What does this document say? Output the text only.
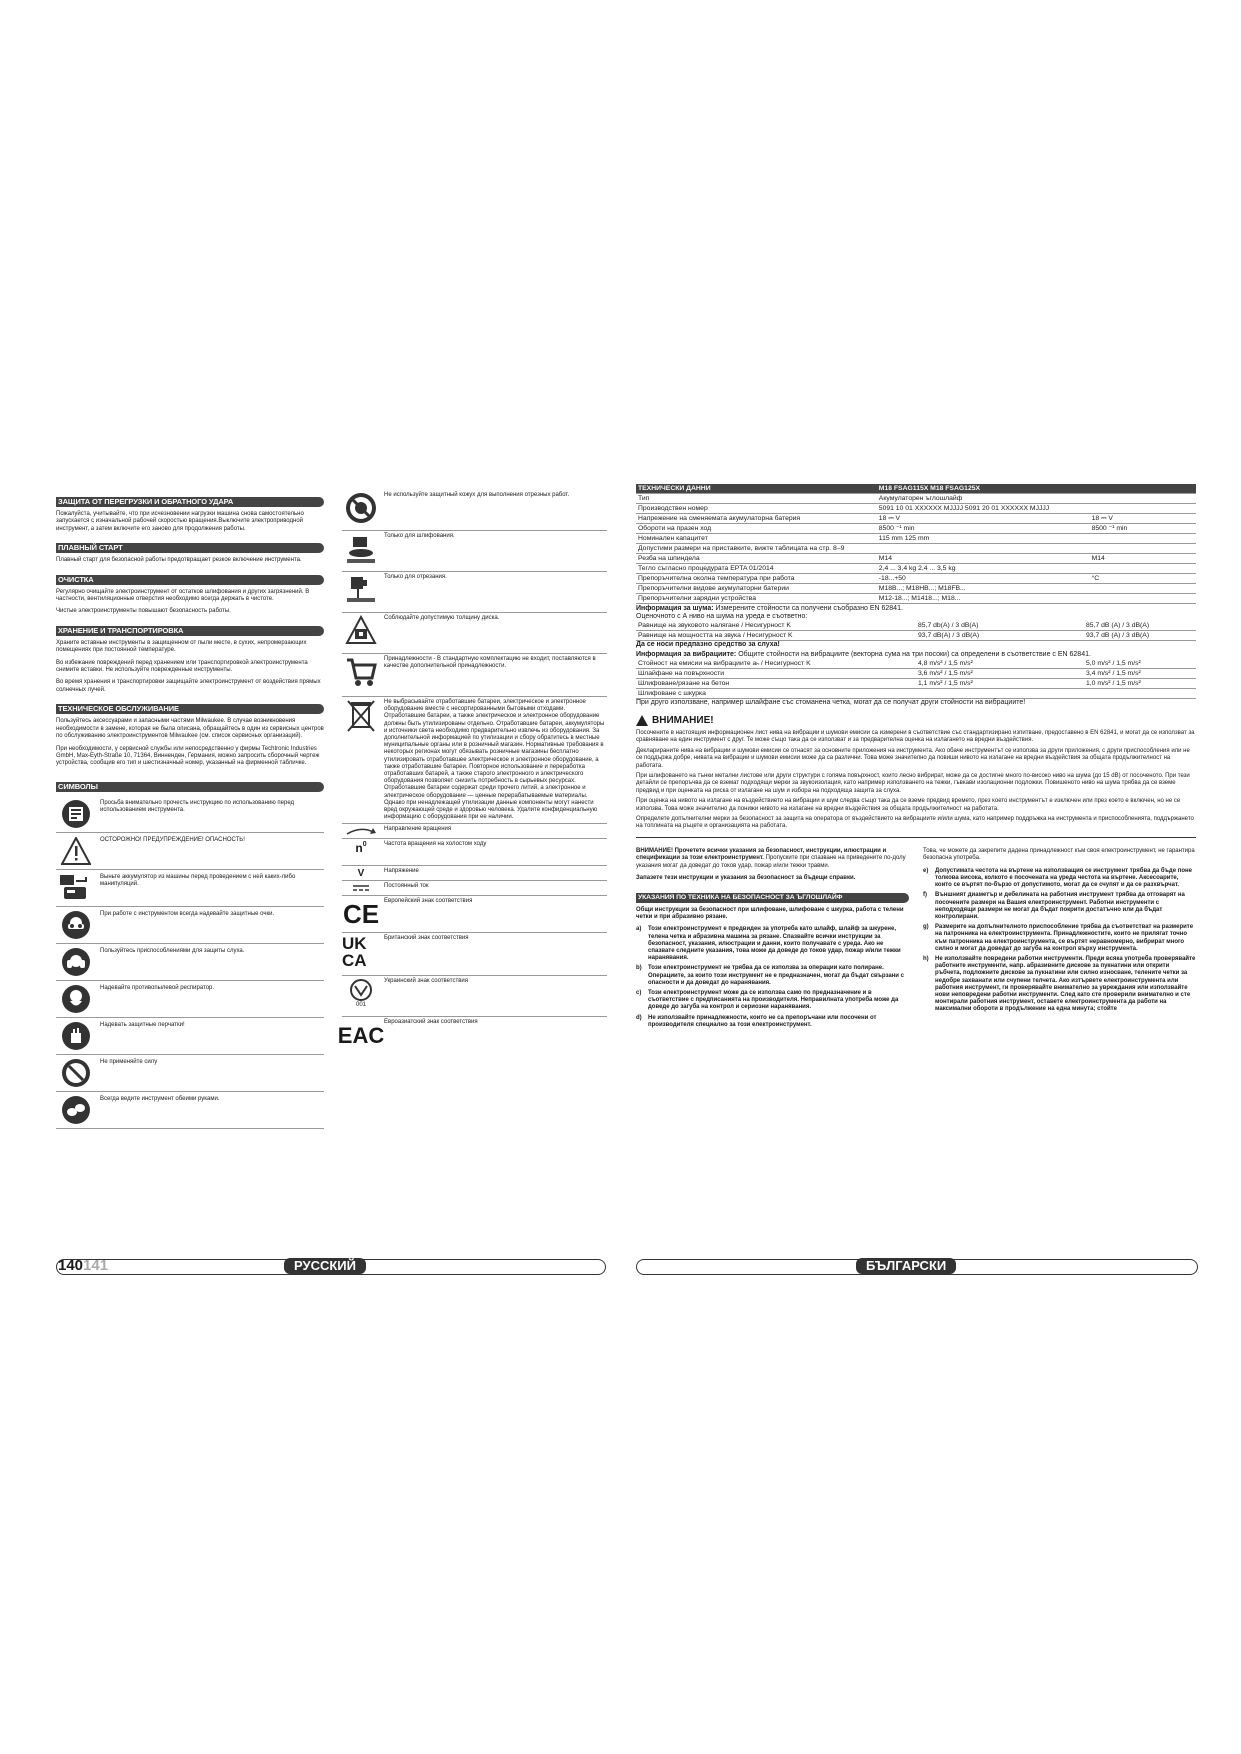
ЗАЩИТА ОТ ПЕРЕГРУЗКИ И ОБРАТНОГО УДАРА
Пожалуйста, учитывайте, что при исчезновении нагрузки машина снова самостоятельно запускается с изначальной рабочей скоростью вращения.Выключите электроприводной инструмент, а затем включите его заново для продолжения работы.
ПЛАВНЫЙ СТАРТ
Плавный старт для безопасной работы предотвращает резкое включение инструмента.
ОЧИСТКА
Регулярно очищайте электроинструмент от остатков шлифования и других загрязнений. В частности, вентиляционные отверстия необходимо всегда держать в чистоте.
Чистые электроинструменты повышают безопасность работы.
ХРАНЕНИЕ И ТРАНСПОРТИРОВКА
Храните вставные инструменты в защищенном от пыли месте, в сухих, непромерзающих помещениях при постоянной температуре.
Во избежание повреждений перед хранением или транспортировкой электроинструмента снимите вставки. Не используйте поврежденные инструменты.
Во время хранения и транспортировки защищайте электроинструмент от воздействия прямых солнечных лучей.
ТЕХНИЧЕСКОЕ ОБСЛУЖИВАНИЕ
Пользуйтесь аксессуарами и запасными частями Milwaukee. В случае возникновения необходимости в замене, которая не была описана, обращайтесь в один из сервисных центров по обслуживанию электроинструментов Milwaukee (см. список сервисных организаций).
При необходимости, у сервисной службы или непосредственно у фирмы Techtronic Industries GmbH, Max-Eyth-Straße 10, 71364, Винненден, Германия, можно запросить сборочный чертеж устройства, сообщив его тип и шестизначный номер, указанный на фирменной табличке.
СИМВОЛЫ
Просьба внимательно прочесть инструкцию по использованию перед использованием инструмента.
ОСТОРОЖНО! ПРЕДУПРЕЖДЕНИЕ! ОПАСНОСТЬ!
Выньте аккумулятор из машины перед проведением с ней каких-либо манипуляций.
При работе с инструментом всегда надевайте защитные очки.
Пользуйтесь приспособлениями для защиты слуха.
Надевайте противопылевой респиратор.
Надевать защитные перчатки!
Не применяйте силу
Всегда ведите инструмент обеими руками.
Не используйте защитный кожух для выполнения отрезных работ.
Только для шлифования.
Только для отрезания.
Соблюдайте допустимую толщину диска.
Принадлежности - В стандартную комплектацию не входит, поставляются в качестве дополнительной принадлежности.
Не выбрасывайте отработавшие батареи, электрическое и электронное оборудование вместе с несортированными бытовыми отходами. Отработавшие батареи, а также электрическое и электронное оборудование должны быть утилизированы отдельно. Отработавшие батареи, аккумуляторы и источники света необходимо предварительно извлечь из оборудования. За дополнительной информацией по утилизации и сбору обратитесь в местные муниципальные органы или в розничный магазин. Нормативные требования в некоторых регионах могут обязывать розничные магазины бесплатно утилизировать отработавшее электрическое и электронное оборудование, а также отработавшие батареи. Повторное использование и переработка отработавших батарей, а также старого электронного и электрического оборудования позволяет снизить потребность в сырьевых ресурсах. Отработавшие батареи содержат среди прочего литий, а электронное и электрическое оборудование — ценные перерабатываемые материалы. Однако при ненадлежащей утилизации данные компоненты могут нанести вред окружающей среде и здоровью человека. Удалите конфиденциальную информацию с оборудования при ее наличии.
Направление вращения
$n^0$	Частота вращения на холостом ходу
V	Напряжение
Постоянный ток
CE Европейский знак соответствия
UK
CA
Британский знак соответствия
001
Украинский знак соответствия
EAC
Евроазиатский знак соответствия
140141	РУССКИЙ
ТЕХНИЧЕСКИ ДАННИ	M18 FSAG115X M18 FSAG125X	
Тип	Акумулаторен ъглошлайф	
Производствен номер	5091 10 01 XXXXXX MJJJJ 5091 20 01 XXXXXX MJJJJ	
Напрежение на сменяемата акумулаторна батерия	18 ⎓ V	18 ⎓ V
Обороти на празен ход	8500 ⁻¹ min	8500 ⁻¹ min
Номинален капацитет	115 mm 125 mm	
Допустими размери на приставките, вижте таблицата на стр. 8–9		
Резба на шпиндела	M14	M14
Тегло съгласно процедурата EPTA 01/2014	2,4 ... 3,4 kg 2,4 ... 3,5 kg	
Препоръчителна околна температура при работа	-18...+50	°C
Препоръчителни видове акумулаторни батерии	M18B...; M18HB...; M18FB...	
Препоръчителни зарядни устройства	M12-18...; M1418...; M18...	
Информация за шума: Измерените стойности са получени съобразно EN 62841.
Оценочното с А ниво на шума на уреда е съответно:
Равнище на звуковото налягане / Несигурност K	85,7 db(A) / 3 dB(A)	85,7 dB (A) / 3 dB(A)
Равнище на мощността на звука / Несигурност K	93,7 dB(A) / 3 dB(A)	93,7 dB (A) / 3 dB(A)
Да се носи предпазно средство за слуха!
Информация за вибрациите: Общите стойности на вибрациите (векторна сума на три посоки) са определени в съответствие с EN 62841.
Стойност на емисии на вибрациите aₕ / Несигурност K	4,8 m/s² / 1,5 m/s²	5,0 m/s² / 1,5 m/s²
Шлайфане на повърхности	3,6 m/s² / 1,5 m/s²	3,4 m/s² / 1,5 m/s²
Шлифоване/рязане на бетон	1,1 m/s² / 1,5 m/s²	1,0 m/s² / 1,5 m/s²
Шлифоване с шкурка		
При друго използване, например шлайфане със стоманена четка, могат да се получат други стойности на вибрациите!
ВНИМАНИЕ!
Посочените в настоящия информационен лист нива на вибрации и шумови емисии са измерени в съответствие със стандартизирано изпитване, предоставено в EN 62841, и могат да се използват за сравняване на един инструмент с друг. Те може също така да се използват и за предварителна оценка на излагането на вредни въздействия.
Декларираните нива на вибрации и шумови емисии се отнасят за основните приложения на инструмента. Ако обаче инструментът се използва за други приложения, с други приспособления или не се поддържа добре, нивата на вибрации и шумови емисии може да са различни. Това може значително да повиши нивото на излагане на вредни въздействия за общата продължителност на работата.
При шлифоването на тънки метални листове или други структури с голяма повърхност, които лесно вибрират, може да се достигне много по-високо ниво на шума (до 15 dB) от посоченото. При тези детайли се препоръчва да се вземат подходящи мерки за звукоизолация, като например използването на тежки, гъвкави изолационни подложки. Повишеното ниво на шума трябва да се вземе предвид и при оценката на риска от излагане на шум и избора на подходяща защита за слуха.
При оценка на нивото на излагане на въздействието на вибрации и шум следва също така да се вземе предвид времето, през което инструментът е изключен или през което е включен, но не се използва. Това може значително да понижи нивото на излагане на вредни въздействия за общата продължителност на работата.
Определете допълнителни мерки за безопасност за защита на оператора от въздействието на вибрациите и/или шума, като например поддръжка на инструмента и приспособленията, поддържането на топлината на ръцете и организацията на работата.
ВНИМАНИЕ! Прочетете всички указания за безопасност, инструкции, илюстрации и спецификации за този електроинструмент. Пропуските при спазване на приведените по-долу указания могат да доведат до токов удар, пожар и/или тежки травми.
Запазете тези инструкции и указания за безопасност за бъдещи справки.
УКАЗАНИЯ ПО ТЕХНИКА НА БЕЗОПАСНОСТ ЗА ЪГЛОШЛАЙФ
Общи инструкции за безопасност при шлифоване, шлифоване с шкурка, работа с телени четки и при абразивно рязане.
a)	Този електроинструмент е предвиден за употреба като шлайф, шлайф за шкурене, телена четка и абразивна машина за рязане. Спазвайте всички инструкции за безопасност, указания, илюстрации и данни, които получавате с уреда. Ако не спазвате следните указания, това може да доведе до токов удар, пожар и/или тежки наранявания.
b)	Този електроинструмент не трябва да се използва за операции като полиране. Операциите, за които този инструмент не е предназначен, могат да бъдат свързани с опасности и да доведат до наранявания.
c)	Този електроинструмент може да се използва само по предназначение и в съответствие с предписанията на производителя. Неправилната употреба може да доведе до загуба на контрол и сериозни наранявания.
d)	Не използвайте принадлежности, които не са препоръчани или посочени от производителя специално за този електроинструмент.
Това, че можете да закрепите дадена принадлежност към своя електроинструмент, не гарантира безопасна употреба.
e)	Допустимата честота на въртене на използващия се инструмент трябва да бъде поне толкова висока, колкото е посочената на уреда честота на въртене. Аксесоарите, които се въртят по-бързо от допустимото, могат да се счупят и да се разхвърчат.
f)	Външният диаметър и дебелината на работния инструмент трябва да отговарят на посочените размери на Вашия електроинструмент. Работни инструменти с неподходящи размери не могат да бъдат покрити достатъчно или да бъдат контролирани.
g)	Размерите на допълнителното приспособление трябва да съответстват на размерите на патронника на електроинструмента. Принадлежностите, които не прилягат точно към патронника на електроинструмента, се въртят неравномерно, вибрират много силно и могат да доведат до загуба на контрол върху инструмента.
h)	Не използвайте повредени работни инструменти. Преди всяка употреба проверявайте работните инструменти, напр. абразивните дискове за пукнатини или открити ръбчета, подложните дискове за пукнатини или силно износване, телените четки за недобре захванати или счупени телчета. Ако изтървете електроинструмента или работния инструмент, ги проверявайте внимателно за увреждания или използвайте нови неповредени работни инструменти. След като сте проверили внимателно и сте монтирали работния инструмент, оставете електроинструмента да работи на максимални обороти в продължение на една минута; стойте
БЪЛГАРСКИ
